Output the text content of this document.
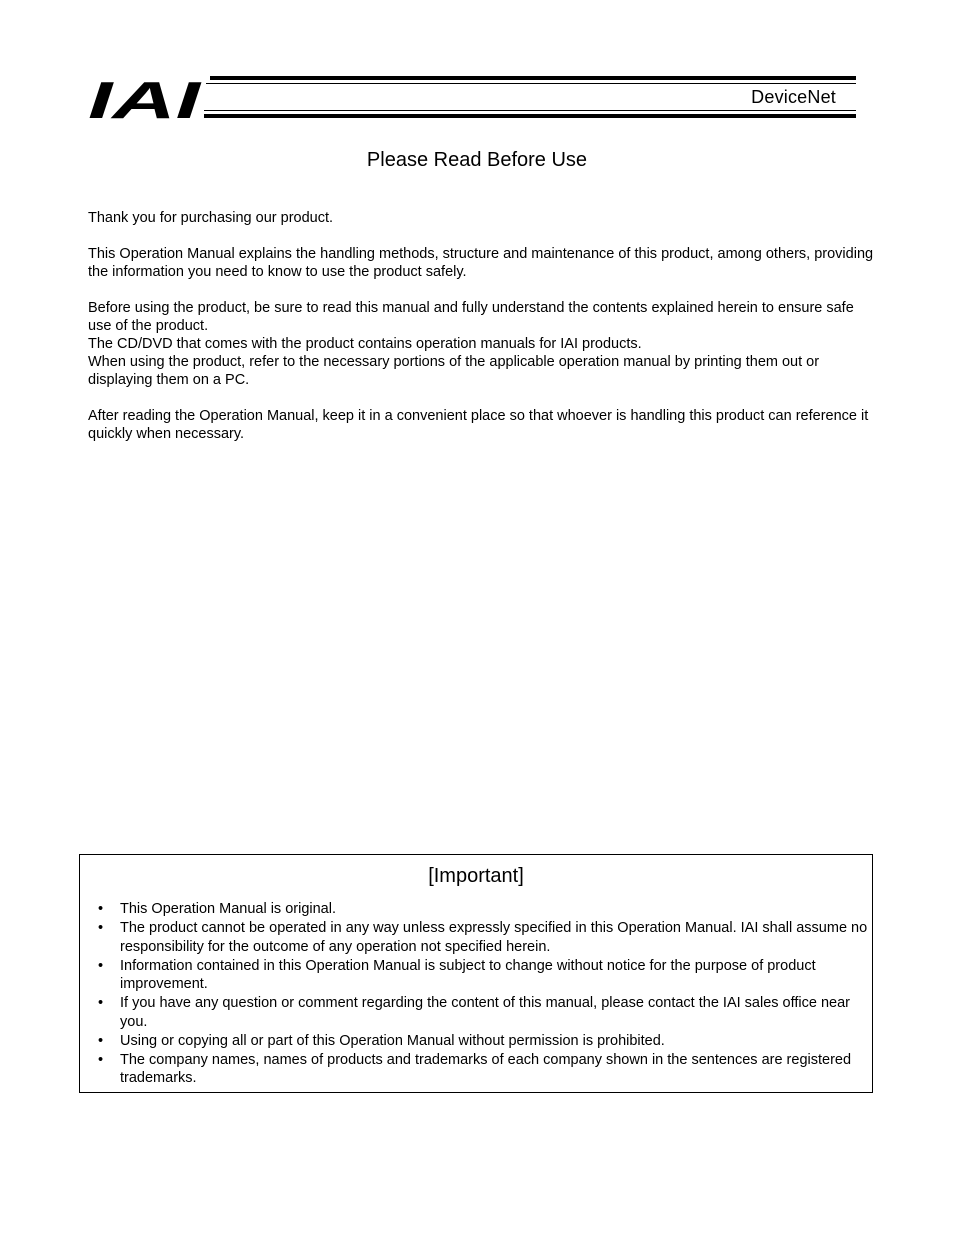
IAI	DeviceNet
Please Read Before Use

Thank you for purchasing our product.

This Operation Manual explains the handling methods, structure and maintenance of this product, among others, providing the information you need to know to use the product safely.

Before using the product, be sure to read this manual and fully understand the contents explained herein to ensure safe use of the product.

The CD/DVD that comes with the product contains operation manuals for IAI products.

When using the product, refer to the necessary portions of the applicable operation manual by printing them out or displaying them on a PC.

After reading the Operation Manual, keep it in a convenient place so that whoever is handling this product can reference it quickly when necessary.

[Important]
• This Operation Manual is original.
• The product cannot be operated in any way unless expressly specified in this Operation Manual. IAI shall assume no responsibility for the outcome of any operation not specified herein.
• Information contained in this Operation Manual is subject to change without notice for the purpose of product improvement.
• If you have any question or comment regarding the content of this manual, please contact the IAI sales office near you.
• Using or copying all or part of this Operation Manual without permission is prohibited.
• The company names, names of products and trademarks of each company shown in the sentences are registered trademarks.
